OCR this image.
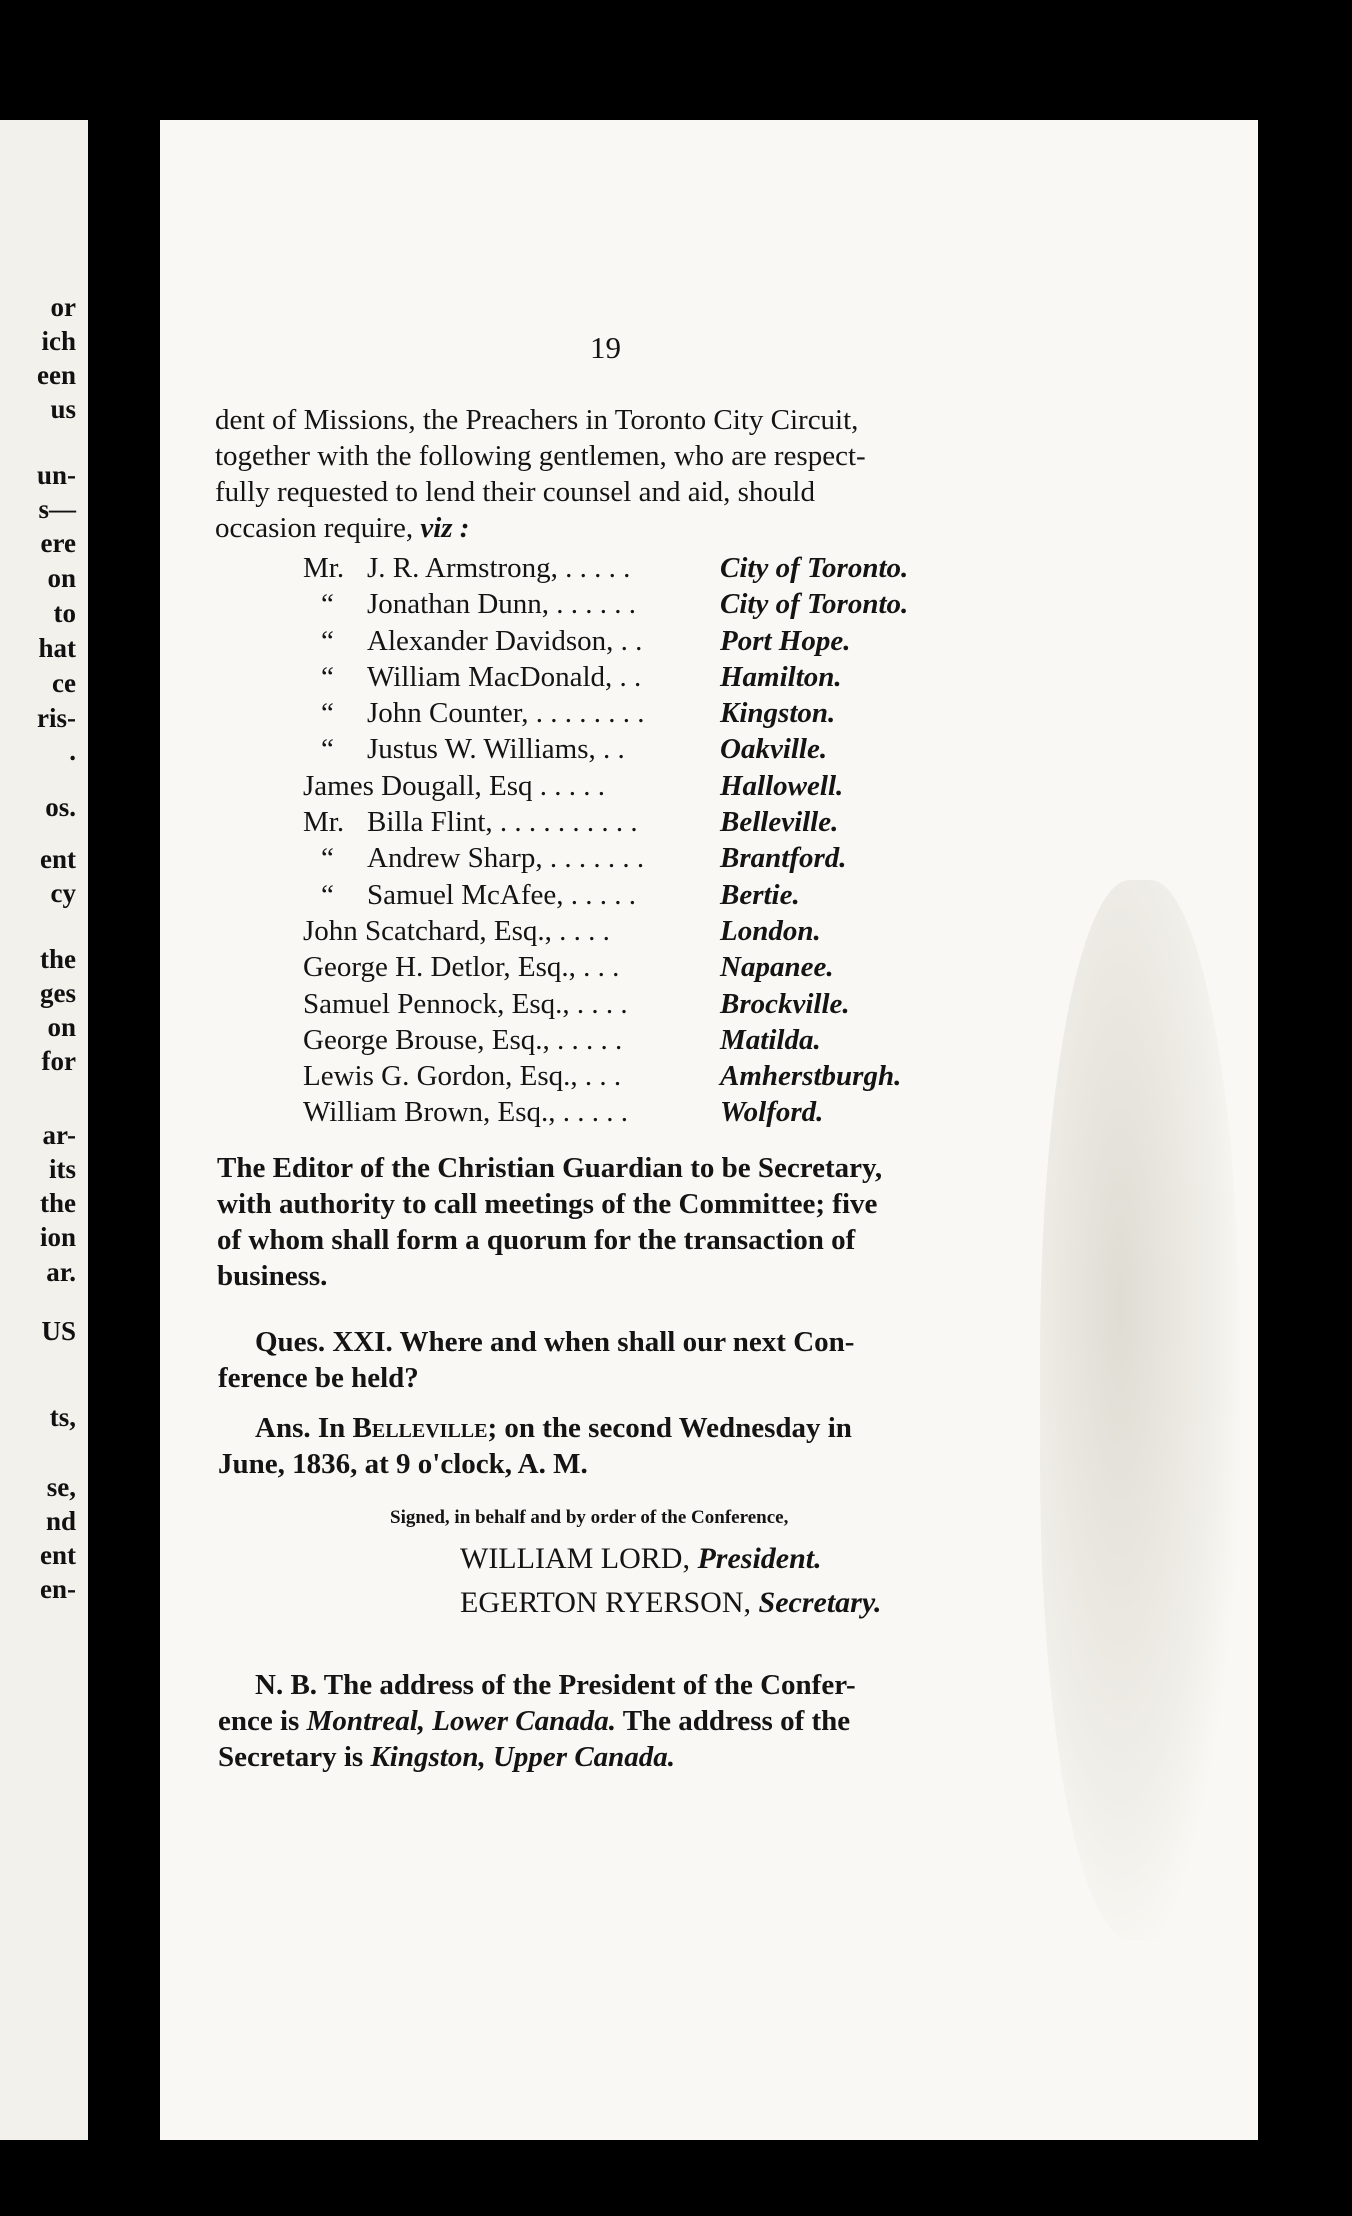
or
ich
een
us
un-
s—
ere
on
to
hat
ce
ris-
.
os.
ent
cy
the
ges
on
for
ar-
its
the
ion
ar.
US
ts,
se,
nd
ent
en-
19
dent of Missions, the Preachers in Toronto City Circuit,
together with the following gentlemen, who are respect-
fully requested to lend their counsel and aid, should
occasion require, viz :
Mr. J. R. Armstrong, . . . . .	City of Toronto.
“ Jonathan Dunn, . . . . . .	City of Toronto.
“ Alexander Davidson, . .	Port Hope.
“ William MacDonald, . .	Hamilton.
“ John Counter, . . . . . . . .	Kingston.
“ Justus W. Williams, . .	Oakville.
James Dougall, Esq . . . . .	Hallowell.
Mr. Billa Flint, . . . . . . . . . .	Belleville.
“ Andrew Sharp, . . . . . . .	Brantford.
“ Samuel McAfee, . . . . .	Bertie.
John Scatchard, Esq., . . . .	London.
George H. Detlor, Esq., . . .	Napanee.
Samuel Pennock, Esq., . . . .	Brockville.
George Brouse, Esq., . . . . .	Matilda.
Lewis G. Gordon, Esq., . . .	Amherstburgh.
William Brown, Esq., . . . . .	Wolford.
The Editor of the Christian Guardian to be Secretary,
with authority to call meetings of the Committee; five
of whom shall form a quorum for the transaction of
business.
Ques. XXI. Where and when shall our next Con-
ference be held?
Ans. In Belleville; on the second Wednesday in
June, 1836, at 9 o'clock, A. M.
Signed, in behalf and by order of the Conference,
WILLIAM LORD, President.
EGERTON RYERSON, Secretary.
N. B. The address of the President of the Confer-
ence is Montreal, Lower Canada. The address of the
Secretary is Kingston, Upper Canada.
